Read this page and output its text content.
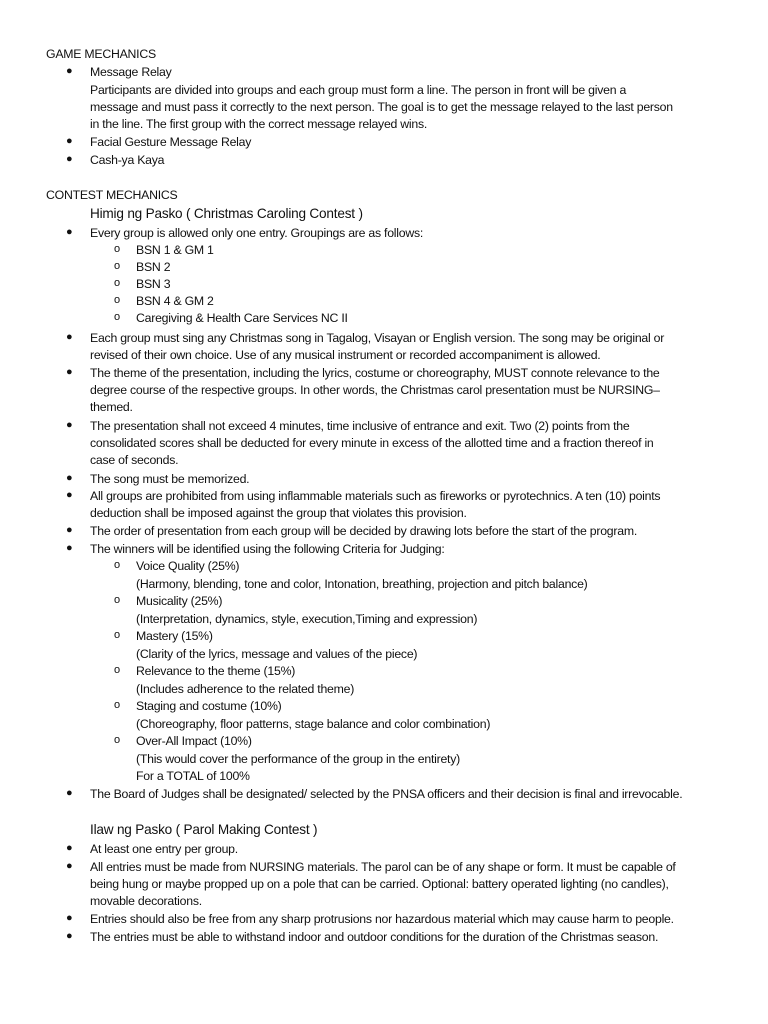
GAME MECHANICS
● Message Relay
Participants are divided into groups and each group must form a line. The person in front will be given a
message and must pass it correctly to the next person. The goal is to get the message relayed to the last person
in the line. The first group with the correct message relayed wins.
● Facial Gesture Message Relay
● Cash-ya Kaya
CONTEST MECHANICS
Himig ng Pasko ( Christmas Caroling Contest )
● Every group is allowed only one entry. Groupings are as follows:
o BSN 1 & GM 1
o BSN 2
o BSN 3
o BSN 4 & GM 2
o Caregiving & Health Care Services NC II
● Each group must sing any Christmas song in Tagalog, Visayan or English version. The song may be original or
revised of their own choice. Use of any musical instrument or recorded accompaniment is allowed.
● The theme of the presentation, including the lyrics, costume or choreography, MUST connote relevance to the
degree course of the respective groups. In other words, the Christmas carol presentation must be NURSING–
themed.
● The presentation shall not exceed 4 minutes, time inclusive of entrance and exit. Two (2) points from the
consolidated scores shall be deducted for every minute in excess of the allotted time and a fraction thereof in
case of seconds.
● The song must be memorized.
● All groups are prohibited from using inflammable materials such as fireworks or pyrotechnics. A ten (10) points
deduction shall be imposed against the group that violates this provision.
● The order of presentation from each group will be decided by drawing lots before the start of the program.
● The winners will be identified using the following Criteria for Judging:
o Voice Quality (25%)
(Harmony, blending, tone and color, Intonation, breathing, projection and pitch balance)
o Musicality (25%)
(Interpretation, dynamics, style, execution,Timing and expression)
o Mastery (15%)
(Clarity of the lyrics, message and values of the piece)
o Relevance to the theme (15%)
(Includes adherence to the related theme)
o Staging and costume (10%)
(Choreography, floor patterns, stage balance and color combination)
o Over-All Impact (10%)
(This would cover the performance of the group in the entirety)
For a TOTAL of 100%
● The Board of Judges shall be designated/ selected by the PNSA officers and their decision is final and irrevocable.
Ilaw ng Pasko ( Parol Making Contest )
● At least one entry per group.
● All entries must be made from NURSING materials. The parol can be of any shape or form. It must be capable of
being hung or maybe propped up on a pole that can be carried. Optional: battery operated lighting (no candles),
movable decorations.
● Entries should also be free from any sharp protrusions nor hazardous material which may cause harm to people.
● The entries must be able to withstand indoor and outdoor conditions for the duration of the Christmas season.
